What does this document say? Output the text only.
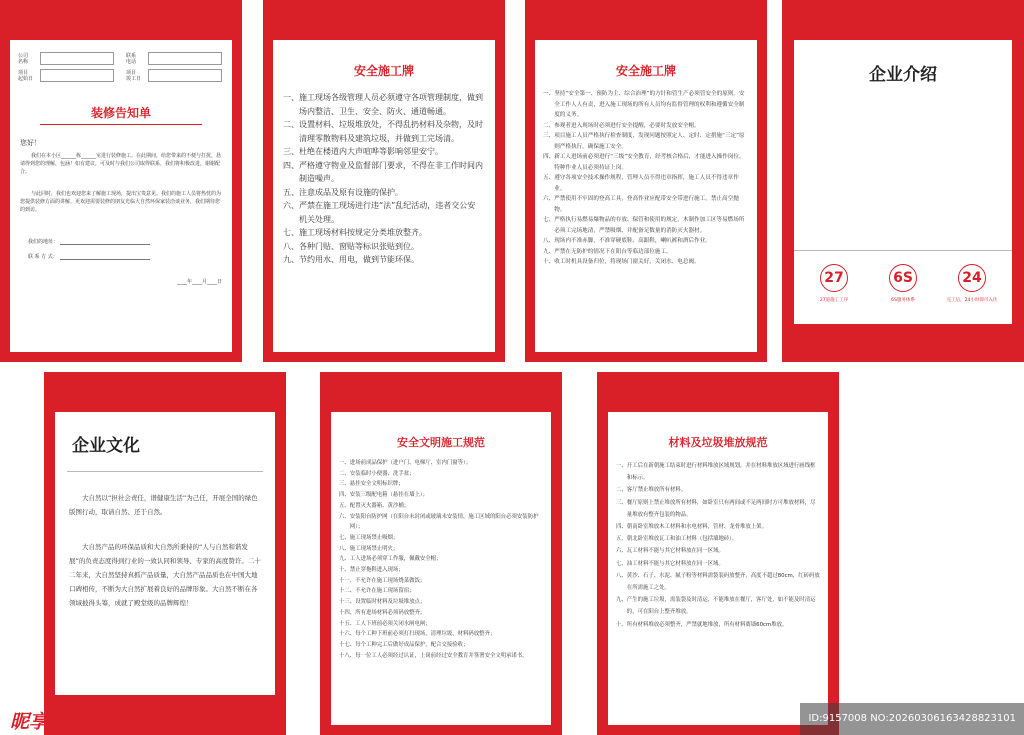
公司
名称
联系
电话
项目
起始日
项目
竣工日
装修告知单
您好！
我们在本小区______栋______室进行装修施工。在此期间，给您带来的不便与打扰，恳请得到您的理解，包涵！如有建议，可及时与我们公司取得联系，我们将积极改进，谢谢配合。
与此同时，我们也欢迎您来了解施工现场，提出宝贵意见。我们的施工人员将热忱的为您提供装修方面的讲解。更欢迎需要装修的朋友光临大自然环保家装洽谈业务，我们期待您的到访。
我们的地址：
联 系 方 式：
____年____月____日
安全施工牌
一、 施工现场各级管理人员必须遵守各项管理制度，做到场内整洁、卫生、安全、防火、通道畅通。
二、 设置材料、垃圾堆放处，不得乱扔材料及杂物，及时清理零散物料及建筑垃圾，并做到工完场清。
三、 杜绝在楼道内大声喧哗等影响邻里安宁。
四、 严格遵守物业及监督部门要求，不得在非工作时间内制造噪声。
五、 注意成品及原有设施的保护。
六、 严禁在施工现场进行违“法”乱纪活动，违者交公安机关处理。
七、 施工现场材料按规定分类堆放整齐。
八、 各种门贴、窗贴等标识张贴到位。
九、 节约用水、用电，做到节能环保。
安全施工牌
一、 坚持“安全第一、预防为主、综合治理”的方针和管生产必须管安全的原则。安全工作人人有责，进入施工现场的所有人员均有监督管理的权利和遵循安全制度的义务。
二、 参观者进入现场时必须进行安全提醒，必要时发放安全帽。
三、 项目施工人员严格执行检查制度，发现问题按照定人、定时、定措施“三定”原则严格执行，确保施工安全。
四、 新工人进场前必须进行“三级”安全教育，经考核合格后，才能进入操作岗位，特种作业人员必须持证上岗。
五、 遵守各项安全技术操作规程，管理人员不得违章指挥，施工人员不得违章作业。
六、 严禁使用不牢固的登高工具，登高作业应配带安全带进行施工。禁止高空抛物。
七、 严格执行易燃易爆物品的存放、保管和使用的规定，木制作加工区等易燃场所必须工完场地清，严禁吸烟、并配备足数量的消防灭火器材。
八、 现场内不准赤脚，不准穿硬底鞋、高跟鞋，喇叭裤和酒后作业。
九、 严禁在无防护的情况下在阳台等临边部位施工。
十、 收工时机具设备归位，将现场门窗关好，关闭水、电总阀。
企业介绍
27
27道施工工序
6S
6S服务体系
24
完工后，24小时即可入住
企业文化
大自然以“担社会责任，谱健康生活”为己任，开展全国的绿色版图行动，取请自然、还于自然。
大自然产品的环保品质和大自然所秉持的“人与自然和谐发展”的负责态度得到行业的一致认同和领导、专家的高度赞许。二十二年来，大自然坚持真抓产品质量，大自然产品品质也在中国大地口碑相传，不断为大自然扩展着良好的品牌形象。大自然不断在各领域披得头筹，成就了殿堂级的品牌辉煌！
安全文明施工规范
一、 进场前成品保护（进户门、电梯厅、室内门窗等）；
二、 安装临时小便器、洗手盆；
三、 悬挂安全文明标识牌；
四、 安装三级配电箱（悬挂在墙上）；
五、 配置灭火器箱、黄沙桶；
六、 安装阳台防护网（在阳台未封闭或玻璃未安装情，施工区域的阳台必须安装防护网）；
七、 施工现场禁止吸烟；
八、 施工现场禁止明火；
九、 工人进场必须穿工作服，佩戴安全帽；
十、 禁止穿拖鞋进入现场；
十一、 不允许在施工现场烧菜做饭；
十二、 不允许在施工现场留宿；
十三、 设置临时材料及垃圾堆放点；
十四、 所有进场材料必须码放整齐；
十五、 工人下班前必须关闭水闸电闸；
十六、 每个工种下班前必须打扫现场，清理垃圾，材料码放整齐；
十七、 每个工种完工后做好成品保护，配合交接验收；
十八、 每一位工人必须经过认证，上岗前经过安全教育并签署安全文明承诺书。
材料及垃圾堆放规范
一、 开工后在新朝施工结束时进行材料堆放区域规划，并在材料堆放区域进行画线框和标示。
二、 客厅禁止堆放所有材料。
三、 餐厅原则上禁止堆放所有材料，如卧室只有两间或不足两间时方可堆放材料，尽量堆放有整齐包装的物品。
四、 朝南卧室堆放木工材料和水电材料，管材、龙骨堆放上架。
五、 朝北卧室堆放瓦工和油工材料（包括墙地砖）。
六、 瓦工材料不能与其它材料放在同一区域。
七、 油工材料不能与其它材料放在同一区域。
八、 黄沙、石子、水泥、腻子粉等材料需袋装码放整齐，高度不超过80cm，红砖码放在所需施工之处。
九、 产生的施工垃圾，需装袋及时清运，不能堆放在餐厅，客厅处，如不能及时清运的，可在阳台上整齐堆放。
十、 所有材料堆放必须整齐，严禁就地堆放，所有材料离墙60cm堆放。
昵享网 www.nipic.com	ID:9157008 NO:20260306163428823101
